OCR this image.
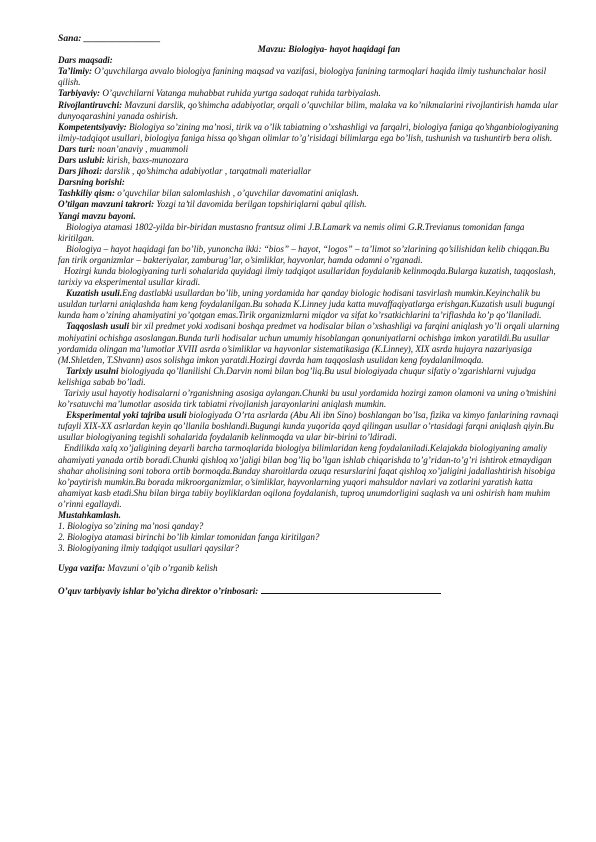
Sana: ________________

Mavzu: Biologiya- hayot haqidagi fan

Dars maqsadi:

Ta’limiy: O’quvchilarga avvalo biologiya fanining maqsad va vazifasi, biologiya fanining tarmoqlari haqida ilmiy tushunchalar hosil qilish.

Tarbiyaviy: O’quvchilarni Vatanga muhabbat ruhida yurtga sadoqat ruhida tarbiyalash.

Rivojlantiruvchi: Mavzuni darslik, qo’shimcha adabiyotlar, orqali o’quvchilar bilim, malaka va ko’nikmalarini rivojlantirish hamda ular dunyoqarashini yanada oshirish.

Kompetentsiyaviy: Biologiya so’zining ma’nosi, tirik va o’lik tabiatning o’xshashligi va farqalri, biologiya faniga qo’shganbiologiyaning ilmiy-tadqiqot usullari, biologiya faniga hissa qo’shgan olimlar to’g’risidagi bilimlarga ega bo’lish, tushunish va tushuntirb bera olish.

Dars turi: noan’anaviy , muammoli

Dars uslubi: kirish, baxs-munozara

Dars jihozi: darslik , qo’shimcha adabiyotlar , tarqatmali materiallar

Darsning borishi:

Tashkiliy qism: o’quvchilar bilan salomlashish , o’quvchilar davomatini aniqlash.

O’tilgan mavzuni takrori: Yozgi ta’til davomida berilgan topshiriqlarni qabul qilish.

Yangi mavzu bayoni.

Biologiya atamasi 1802-yilda bir-biridan mustasno frantsuz olimi J.B.Lamark va nemis olimi G.R.Trevianus tomonidan fanga kiritilgan.

Biologiya – hayot haqidagi fan bo’lib, yunoncha ikki: “bios” – hayot, “logos” – ta’limot so’zlarining qo’silishidan kelib chiqqan.Bu fan tirik organizmlar – bakteriyalar, zamburug’lar, o’simliklar, hayvonlar, hamda odamni o’rganadi.

Hozirgi kunda biologiyaning turli sohalarida quyidagi ilmiy tadqiqot usullaridan foydalanib kelinmoqda.Bularga kuzatish, taqqoslash, tarixiy va eksperimental usullar kiradi.

Kuzatish usuli.Eng dastlabki usullardan bo’lib, uning yordamida har qanday biologic hodisani tasvirlash mumkin.Keyinchalik bu usuldan turlarni aniqlashda ham keng foydalanilgan.Bu sohada K.Linney juda katta muvaffaqiyatlarga erishgan.Kuzatish usuli bugungi kunda ham o’zining ahamiyatini yo’qotgan emas.Tirik organizmlarni miqdor va sifat ko’rsatkichlarini ta’riflashda ko’p qo’llaniladi.

Taqqoslash usuli bir xil predmet yoki xodisani boshqa predmet va hodisalar bilan o’xshashligi va farqini aniqlash yo’li orqali ularning mohiyatini ochishga asoslangan.Bunda turli hodisalar uchun umumiy hisoblangan qonuniyatlarni ochishga imkon yaratildi.Bu usullar yordamida olingan ma’lumotlar XVIII asrda o’simliklar va hayvonlar sistematikasiga (K.Linney), XIX asrda hujayra nazariyasiga (M.Shletden, T.Shvann) asos solishga imkon yaratdi.Hozirgi davrda ham taqqoslash usulidan keng foydalanilmoqda.

Tarixiy usulni biologiyada qo’llanilishi Ch.Darvin nomi bilan bog’liq.Bu usul biologiyada chuqur sifatiy o’zgarishlarni vujudga kelishiga sabab bo’ladi.

Tarixiy usul hayotiy hodisalarni o’rganishning asosiga aylangan.Chunki bu usul yordamida hozirgi zamon olamoni va uning o’tmishini ko’rsatuvchi ma’lumotlar asosida tirk tabiatni rivojlanish jarayonlarini aniqlash mumkin.

Eksperimental yoki tajriba usuli biologiyada O’rta asrlarda (Abu Ali ibn Sino) boshlangan bo’lsa, fizika va kimyo fanlarining ravnaqi tufayli XIX-XX asrlardan keyin qo’llanila boshlandi.Bugungi kunda yuqorida qayd qilingan usullar o’rtasidagi farqni aniqlash qiyin.Bu usullar biologiyaning tegishli sohalarida foydalanib kelinmoqda va ular bir-birini to’ldiradi.

Endilikda xalq xo’jaligining deyarli barcha tarmoqlarida biologiya bilimlaridan keng foydalaniladi.Kelajakda biologiyaning amaliy ahamiyati yanada ortib boradi.Chunki qishloq xo’jaligi bilan bog’liq bo’lgan ishlab chiqarishda to’g’ridan-to’g’ri ishtirok etmaydigan shahar aholisining soni tobora ortib bormoqda.Bunday sharoitlarda ozuqa resurslarini faqat qishloq xo’jaligini jadallashtirish hisobiga ko’paytirish mumkin.Bu borada mikroorganizmlar, o’simliklar, hayvonlarning yuqori mahsuldor navlari va zotlarini yaratish katta ahamiyat kasb etadi.Shu bilan birga tabiiy boyliklardan oqilona foydalanish, tuproq unumdorligini saqlash va uni oshirish ham muhim o’rinni egallaydi.

Mustahkamlash.

1. Biologiya so’zining ma’nosi qanday?

2. Biologiya atamasi birinchi bo’lib kimlar tomonidan fanga kiritilgan?

3. Biologiyaning ilmiy tadqiqot usullari qaysilar?

Uyga vazifa: Mavzuni o’qib o’rganib kelish

O’quv tarbiyaviy ishlar bo’yicha direktor o’rinbosari:
